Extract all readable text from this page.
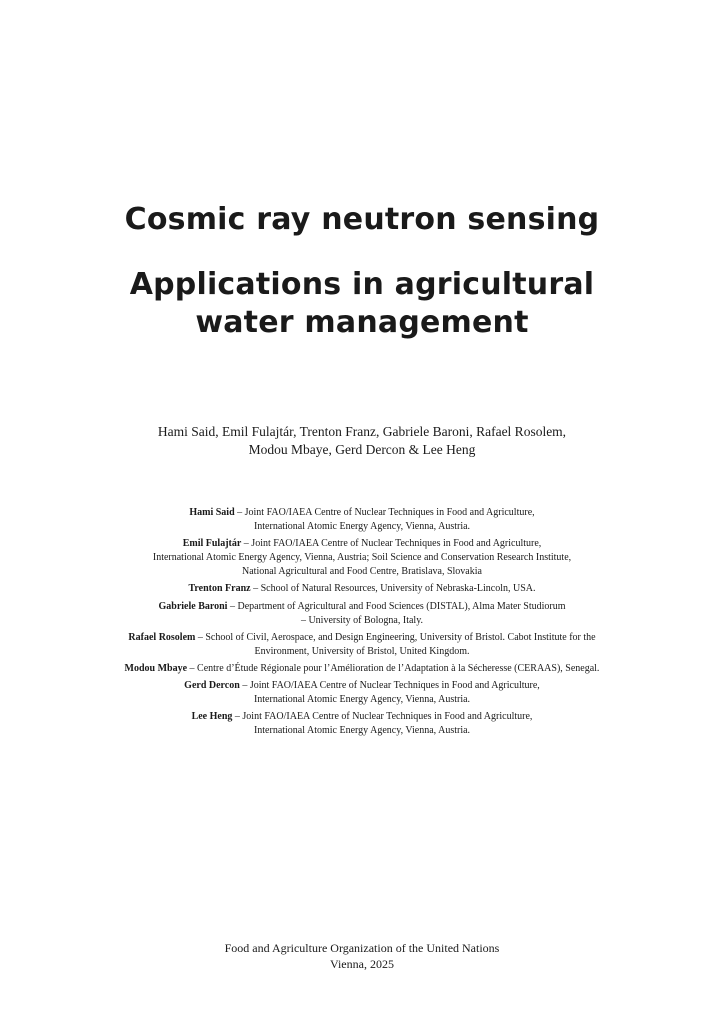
Cosmic ray neutron sensing
Applications in agricultural
water management
Hami Said, Emil Fulajtár, Trenton Franz, Gabriele Baroni, Rafael Rosolem,
Modou Mbaye, Gerd Dercon & Lee Heng
Hami Said – Joint FAO/IAEA Centre of Nuclear Techniques in Food and Agriculture,
International Atomic Energy Agency, Vienna, Austria.
Emil Fulajtár – Joint FAO/IAEA Centre of Nuclear Techniques in Food and Agriculture,
International Atomic Energy Agency, Vienna, Austria; Soil Science and Conservation Research Institute,
National Agricultural and Food Centre, Bratislava, Slovakia
Trenton Franz – School of Natural Resources, University of Nebraska-Lincoln, USA.
Gabriele Baroni – Department of Agricultural and Food Sciences (DISTAL), Alma Mater Studiorum
– University of Bologna, Italy.
Rafael Rosolem – School of Civil, Aerospace, and Design Engineering, University of Bristol. Cabot Institute for the
Environment, University of Bristol, United Kingdom.
Modou Mbaye – Centre d’Étude Régionale pour l’Amélioration de l’Adaptation à la Sécheresse (CERAAS), Senegal.
Gerd Dercon – Joint FAO/IAEA Centre of Nuclear Techniques in Food and Agriculture,
International Atomic Energy Agency, Vienna, Austria.
Lee Heng – Joint FAO/IAEA Centre of Nuclear Techniques in Food and Agriculture,
International Atomic Energy Agency, Vienna, Austria.
Food and Agriculture Organization of the United Nations
Vienna, 2025
